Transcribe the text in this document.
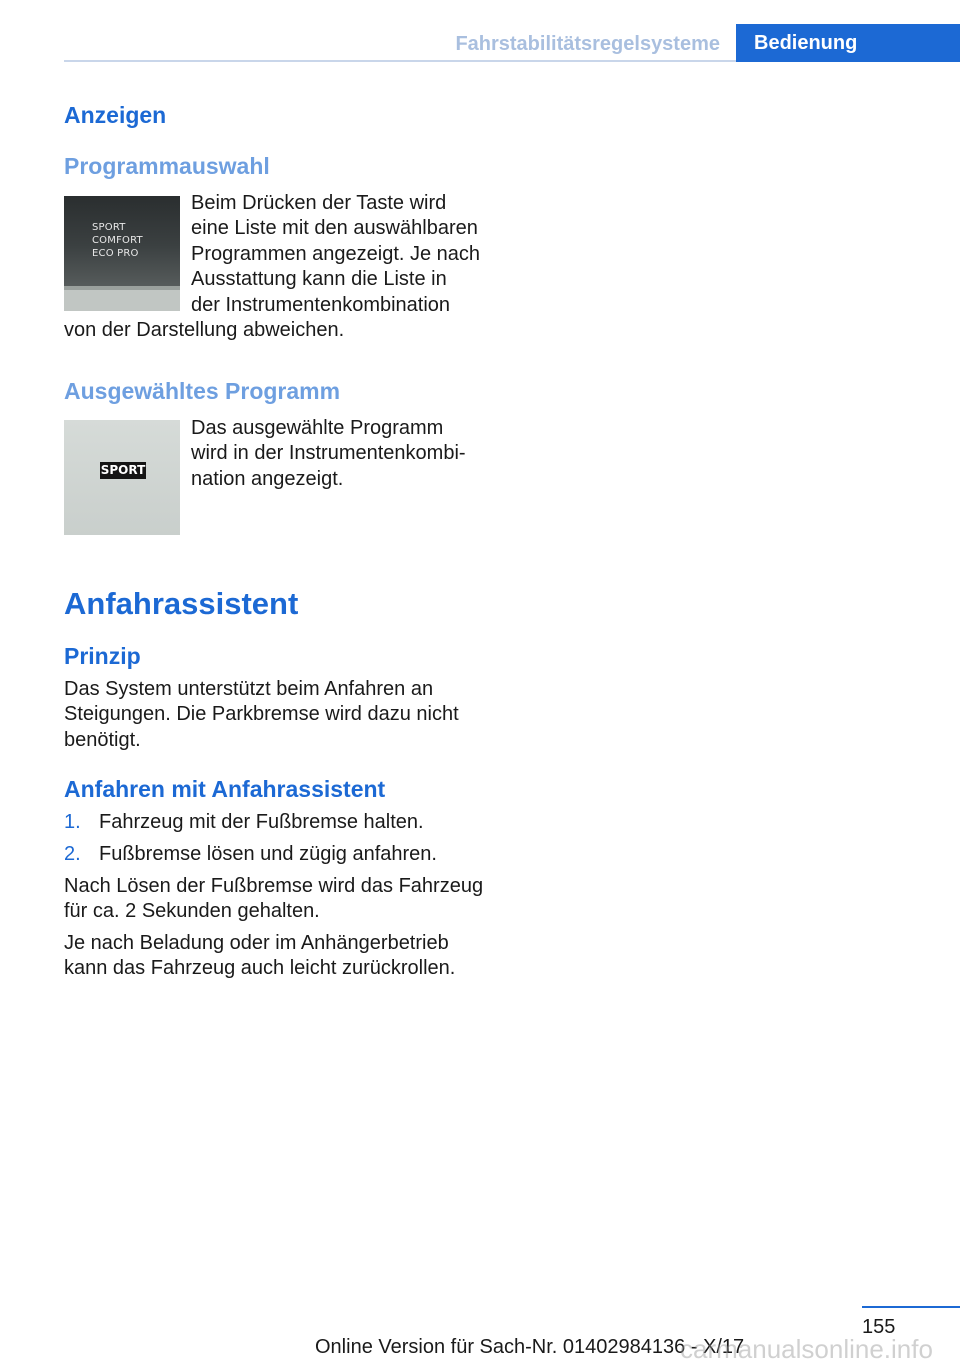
Fahrstabilitätsregelsysteme	Bedienung
Anzeigen
Programmauswahl
SPORT
COMFORT
ECO PRO
Beim Drücken der Taste wird
eine Liste mit den auswählbaren
Programmen angezeigt. Je nach
Ausstattung kann die Liste in
der Instrumentenkombination
von der Darstellung abweichen.
Ausgewähltes Programm
SPORT
Das ausgewählte Programm
wird in der Instrumentenkombi-
nation angezeigt.
Anfahrassistent
Prinzip
Das System unterstützt beim Anfahren an
Steigungen. Die Parkbremse wird dazu nicht
benötigt.
Anfahren mit Anfahrassistent
1. Fahrzeug mit der Fußbremse halten.
2. Fußbremse lösen und zügig anfahren.
Nach Lösen der Fußbremse wird das Fahrzeug
für ca. 2 Sekunden gehalten.
Je nach Beladung oder im Anhängerbetrieb
kann das Fahrzeug auch leicht zurückrollen.
155
Online Version für Sach-Nr. 01402984136 - X/17
carmanualsonline.info
